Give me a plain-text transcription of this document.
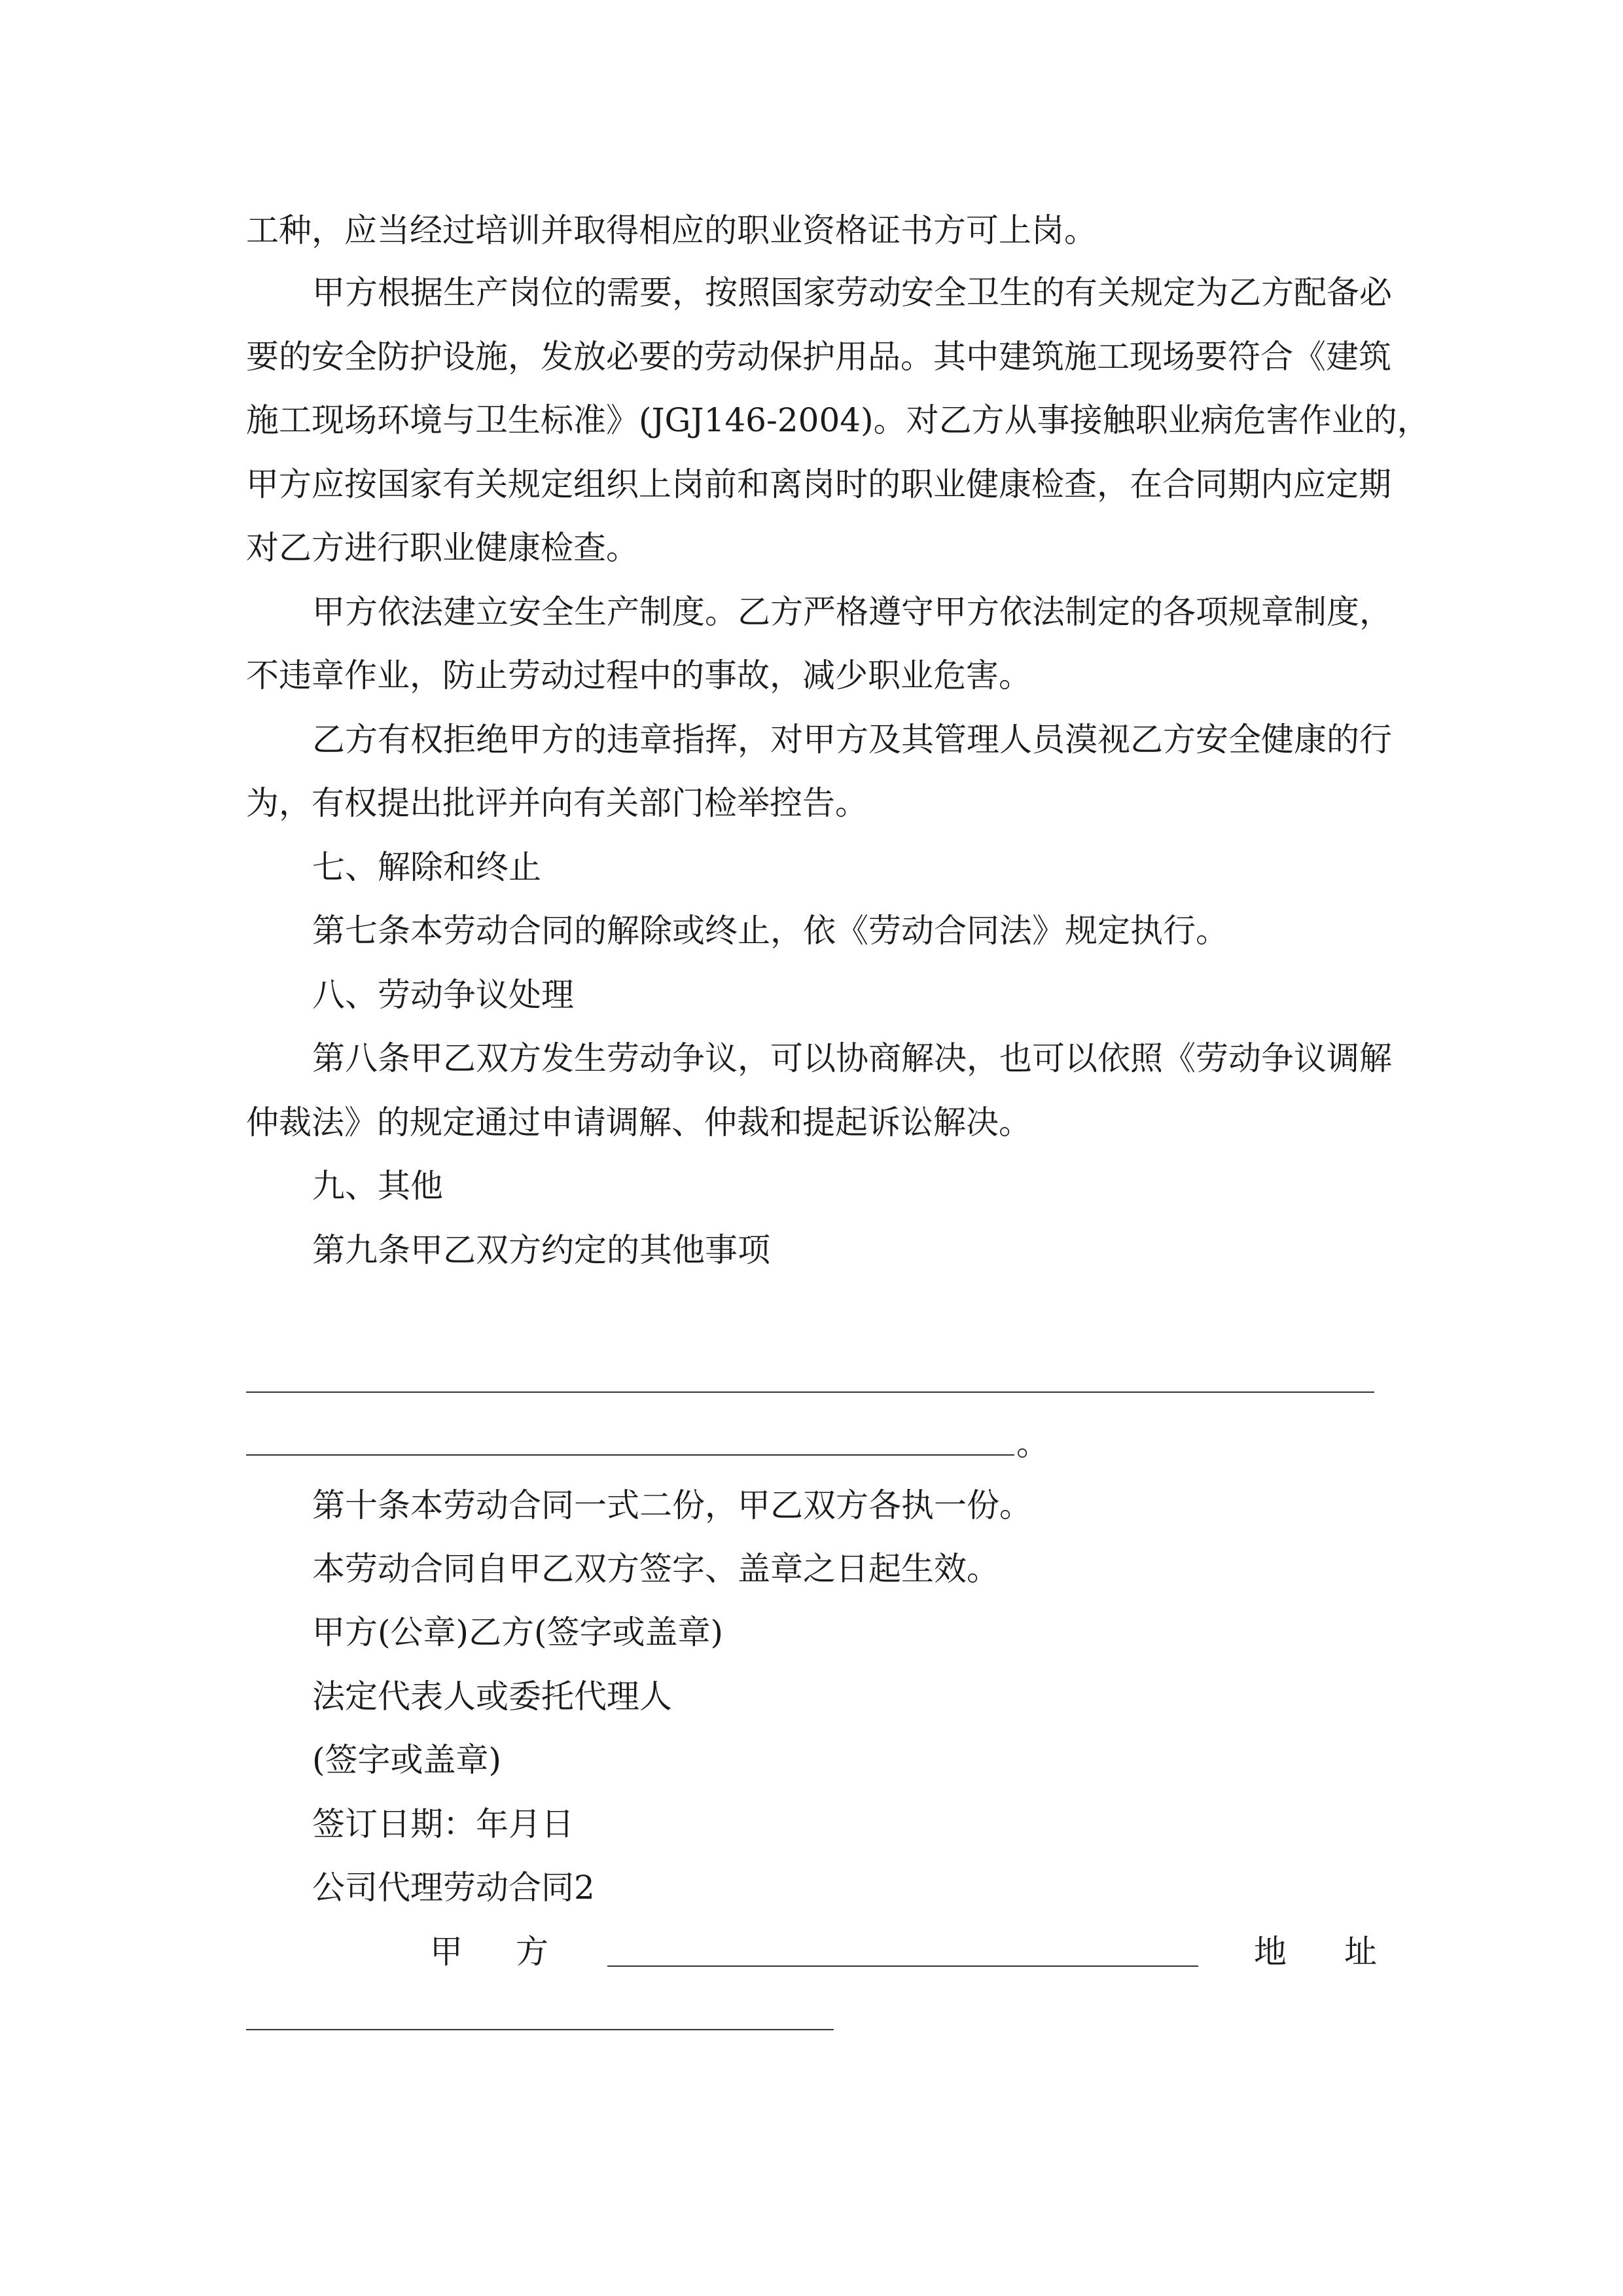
工种，应当经过培训并取得相应的职业资格证书方可上岗。
甲方根据生产岗位的需要，按照国家劳动安全卫生的有关规定为乙方配备必
要的安全防护设施，发放必要的劳动保护用品。其中建筑施工现场要符合《建筑
施工现场环境与卫生标准》(JGJ146-2004)。对乙方从事接触职业病危害作业的，
甲方应按国家有关规定组织上岗前和离岗时的职业健康检查，在合同期内应定期
对乙方进行职业健康检查。
甲方依法建立安全生产制度。乙方严格遵守甲方依法制定的各项规章制度，
不违章作业，防止劳动过程中的事故，减少职业危害。
乙方有权拒绝甲方的违章指挥，对甲方及其管理人员漠视乙方安全健康的行
为，有权提出批评并向有关部门检举控告。
七、解除和终止
第七条本劳动合同的解除或终止，依《劳动合同法》规定执行。
八、劳动争议处理
第八条甲乙双方发生劳动争议，可以协商解决，也可以依照《劳动争议调解
仲裁法》的规定通过申请调解、仲裁和提起诉讼解决。
九、其他
第九条甲乙双方约定的其他事项
。
第十条本劳动合同一式二份，甲乙双方各执一份。
本劳动合同自甲乙双方签字、盖章之日起生效。
甲方(公章)乙方(签字或盖章)
法定代表人或委托代理人
(签字或盖章)
签订日期：年月日
公司代理劳动合同2
甲 方	地 址
